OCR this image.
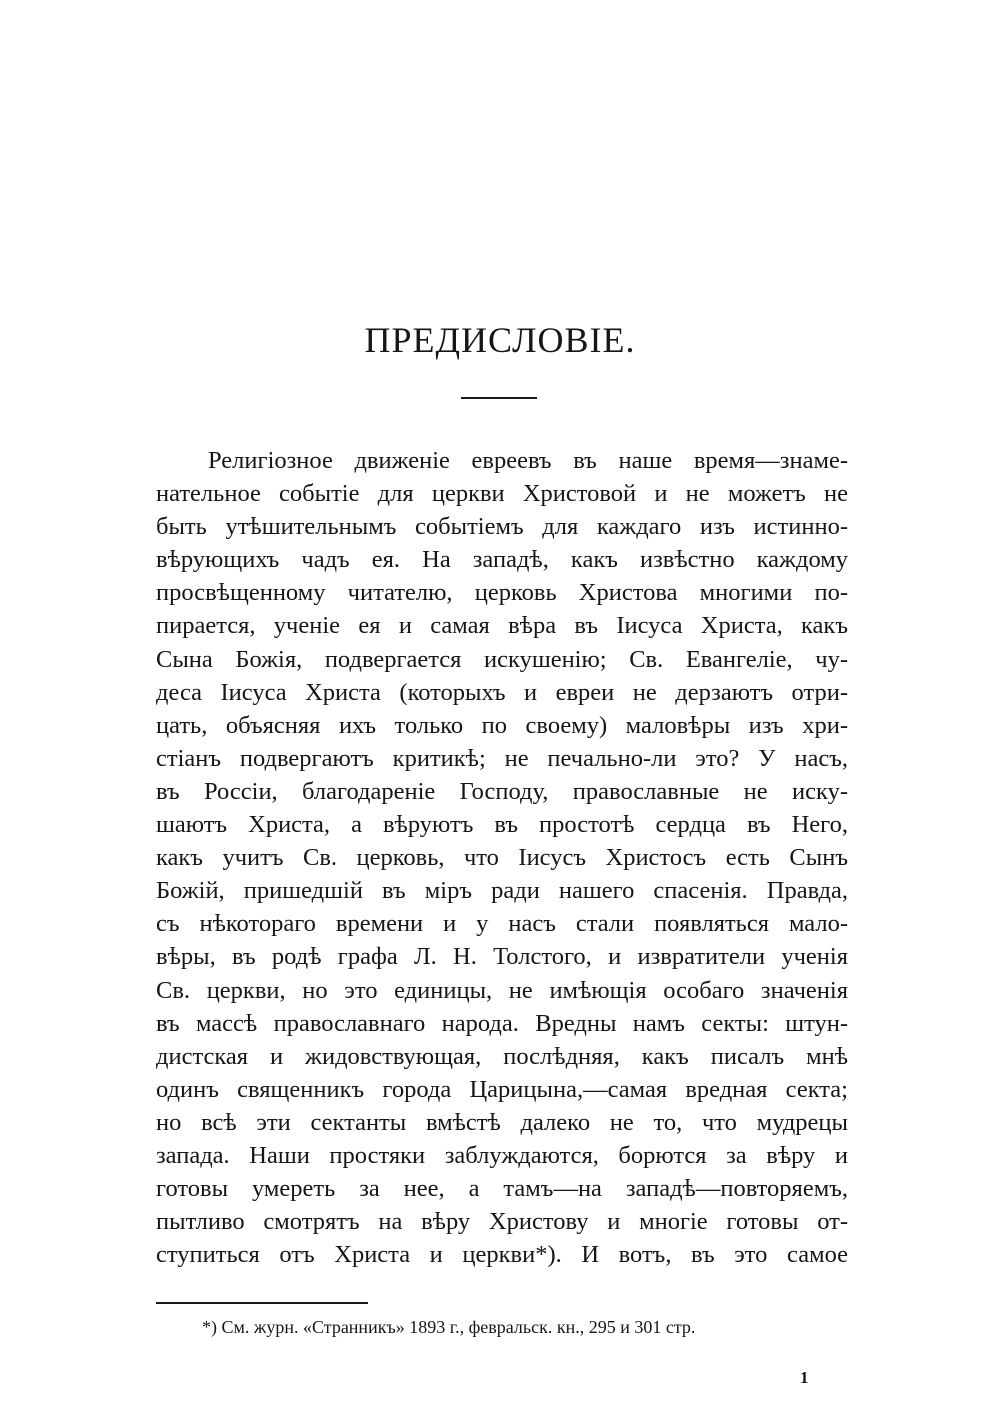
ПРЕДИСЛОВІЕ.
Религіозное движеніе евреевъ въ наше время—знаме-
нательное событіе для церкви Христовой и не можетъ не
быть утѣшительнымъ событіемъ для каждаго изъ истинно-
вѣрующихъ чадъ ея. На западѣ, какъ извѣстно каждому
просвѣщенному читателю, церковь Христова многими по-
пирается, ученіе ея и самая вѣра въ Іисуса Христа, какъ
Сына Божія, подвергается искушенію; Св. Евангеліе, чу-
деса Іисуса Христа (которыхъ и евреи не дерзаютъ отри-
цать, объясняя ихъ только по своему) маловѣры изъ хри-
стіанъ подвергаютъ критикѣ; не печально-ли это? У насъ,
въ Россіи, благодареніе Господу, православные не иску-
шаютъ Христа, а вѣруютъ въ простотѣ сердца въ Него,
какъ учитъ Св. церковь, что Іисусъ Христосъ есть Сынъ
Божій, пришедшій въ міръ ради нашего спасенія. Правда,
съ нѣкотораго времени и у насъ стали появляться мало-
вѣры, въ родѣ графа Л. Н. Толстого, и извратители ученія
Св. церкви, но это единицы, не имѣющія особаго значенія
въ массѣ православнаго народа. Вредны намъ секты: штун-
дистская и жидовствующая, послѣдняя, какъ писалъ мнѣ
одинъ священникъ города Царицына,—самая вредная секта;
но всѣ эти сектанты вмѣстѣ далеко не то, что мудрецы
запада. Наши простяки заблуждаются, борются за вѣру и
готовы умереть за нее, а тамъ—на западѣ—повторяемъ,
пытливо смотрятъ на вѣру Христову и многіе готовы от-
ступиться отъ Христа и церкви*). И вотъ, въ это самое

*) См. журн. «Странникъ» 1893 г., февральск. кн., 295 и 301 стр.

1
